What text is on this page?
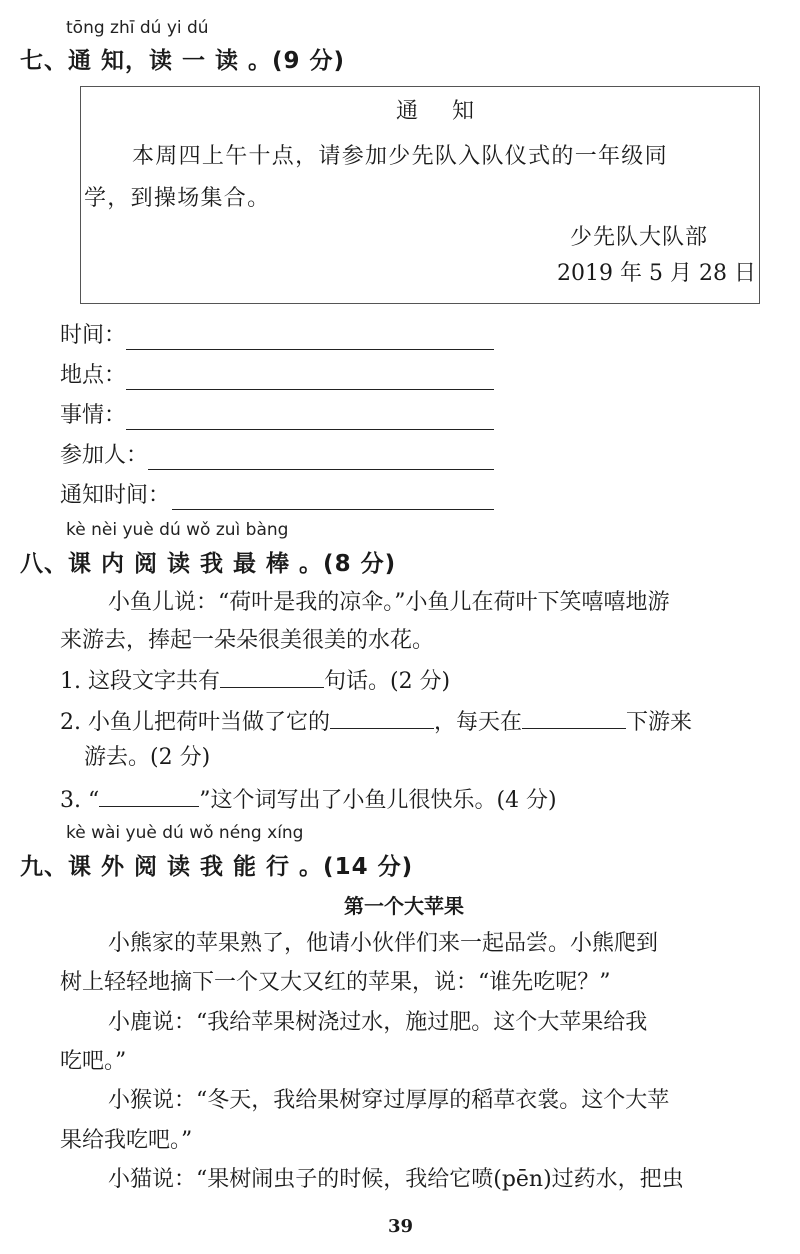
tōng zhī dú yi dú
七、通 知，读 一 读 。(9 分)
通　知
本周四上午十点，请参加少先队入队仪式的一年级同
学，到操场集合。
少先队大队部
2019 年 5 月 28 日
时间：
地点：
事情：
参加人：
通知时间：
kè nèi yuè dú wǒ zuì bàng
八、课 内 阅 读 我 最 棒 。(8 分)
小鱼儿说：“荷叶是我的凉伞。”小鱼儿在荷叶下笑嘻嘻地游
来游去，捧起一朵朵很美很美的水花。
1. 这段文字共有	句话。(2 分)
2. 小鱼儿把荷叶当做了它的	，每天在	下游来
游去。(2 分)
3. “	”这个词写出了小鱼儿很快乐。(4 分)
kè wài yuè dú wǒ néng xíng
九、课 外 阅 读 我 能 行 。(14 分)
第一个大苹果
小熊家的苹果熟了，他请小伙伴们来一起品尝。小熊爬到
树上轻轻地摘下一个又大又红的苹果，说：“谁先吃呢？”
小鹿说：“我给苹果树浇过水，施过肥。这个大苹果给我
吃吧。”
小猴说：“冬天，我给果树穿过厚厚的稻草衣裳。这个大苹
果给我吃吧。”
小猫说：“果树闹虫子的时候，我给它喷(pēn)过药水，把虫
39
